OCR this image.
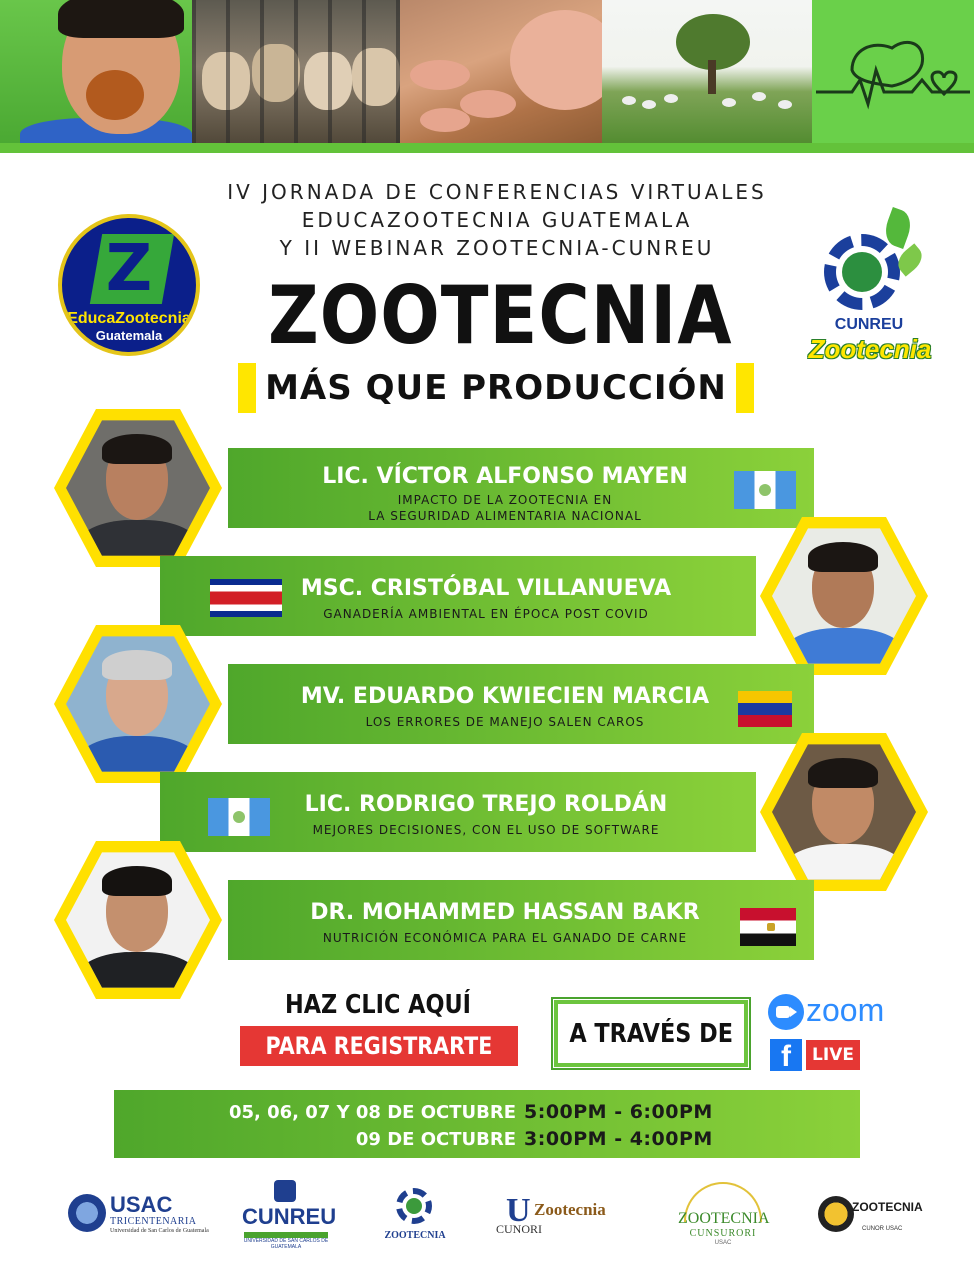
IV JORNADA DE CONFERENCIAS VIRTUALES
EDUCAZOOTECNIA GUATEMALA
Y II WEBINAR ZOOTECNIA-CUNREU
ZOOTECNIA
MÁS QUE PRODUCCIÓN
Z
EducaZootecnia
Guatemala
CUNREU
Zootecnia
LIC. VÍCTOR ALFONSO MAYEN
IMPACTO DE LA ZOOTECNIA EN
LA SEGURIDAD ALIMENTARIA NACIONAL
MSC. CRISTÓBAL VILLANUEVA
GANADERÍA AMBIENTAL EN ÉPOCA POST COVID
MV. EDUARDO KWIECIEN MARCIA
LOS ERRORES DE MANEJO SALEN CAROS
LIC. RODRIGO TREJO ROLDÁN
MEJORES DECISIONES, CON EL USO DE SOFTWARE
DR. MOHAMMED HASSAN BAKR
NUTRICIÓN ECONÓMICA PARA EL GANADO DE CARNE
HAZ CLIC AQUÍ
PARA REGISTRARTE	A TRAVÉS DE
zoom
f	LIVE
05, 06, 07 Y 08 DE OCTUBRE 5:00PM - 6:00PM
09 DE OCTUBRE 3:00PM - 4:00PM
USAC
TRICENTENARIA
Universidad de San Carlos de Guatemala
CUNREU
UNIVERSIDAD DE SAN CARLOS DE GUATEMALA
ZOOTECNIA
U Zootecnia
CUNORI
ZOOTECNIA
CUNSURORI
USAC
ZOOTECNIA
CUNOR USAC
